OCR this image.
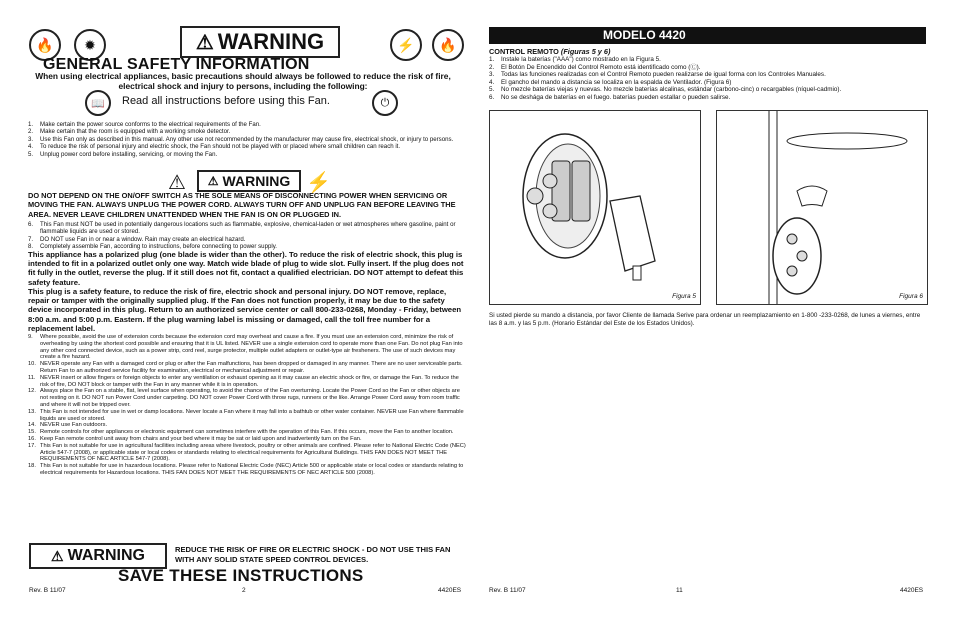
🔥	✹	⚡	🔥
⚠ WARNING
GENERAL SAFETY INFORMATION
When using electrical appliances, basic precautions should always be followed to reduce the risk of fire, electrical shock and injury to persons, including the following:
📖	Read all instructions before using this Fan.	⏻
1. Make certain the power source conforms to the electrical requirements of the Fan.
2. Make certain that the room is equipped with a working smoke detector.
3. Use this Fan only as described in this manual. Any other use not recommended by the manufacturer may cause fire, electrical shock, or injury to persons.
4. To reduce the risk of personal injury and electric shock, the Fan should not be played with or placed where small children can reach it.
5. Unplug power cord before installing, servicing, or moving the Fan.
⚠ ⚠ WARNING ⚡
DO NOT DEPEND ON THE ON/OFF SWITCH AS THE SOLE MEANS OF DISCONNECTING POWER WHEN SERVICING OR MOVING THE FAN. ALWAYS UNPLUG THE POWER CORD. ALWAYS TURN OFF AND UNPLUG FAN BEFORE LEAVING THE AREA. NEVER LEAVE CHILDREN UNATTENDED WHEN THE FAN IS ON OR PLUGGED IN.
6. This Fan must NOT be used in potentially dangerous locations such as flammable, explosive, chemical-laden or wet atmospheres where gasoline, paint or flammable liquids are used or stored.
7. DO NOT use Fan in or near a window. Rain may create an electrical hazard.
8. Completely assemble Fan, according to instructions, before connecting to power supply.
This appliance has a polarized plug (one blade is wider than the other). To reduce the risk of electric shock, this plug is intended to fit in a polarized outlet only one way. Match wide blade of plug to wide slot. Fully insert. If the plug does not fit fully in the outlet, reverse the plug. If it still does not fit, contact a qualified electrician. DO NOT attempt to defeat this safety feature.
This plug is a safety feature, to reduce the risk of fire, electric shock and personal injury. DO NOT remove, replace, repair or tamper with the originally supplied plug. If the Fan does not function properly, it may be due to the safety device incorporated in this plug. Return to an authorized service center or call 800-233-0268, Monday - Friday, between 8:00 a.m. and 5:00 p.m. Eastern. If the plug warning label is missing or damaged, call the toll free number for a replacement label.
9. Where possible, avoid the use of extension cords because the extension cord may overheat and cause a fire. If you must use an extension cord, minimize the risk of overheating by using the shortest cord possible and ensuring that it is UL listed. NEVER use a single extension cord to operate more than one Fan. Do not plug Fan into any other cord connected device, such as a power strip, cord reel, surge protector, multiple outlet adapters or outlet-type air fresheners. The use of such devices may create a fire hazard.
10. NEVER operate any Fan with a damaged cord or plug or after the Fan malfunctions, has been dropped or damaged in any manner. There are no user serviceable parts. Return Fan to an authorized service facility for examination, electrical or mechanical adjustment or repair.
11. NEVER insert or allow fingers or foreign objects to enter any ventilation or exhaust opening as it may cause an electric shock or fire, or damage the Fan. To reduce the risk of fire, DO NOT block or tamper with the Fan in any manner while it is in operation.
12. Always place the Fan on a stable, flat, level surface when operating, to avoid the chance of the Fan overturning. Locate the Power Cord so the Fan or other objects are not resting on it. DO NOT run Power Cord under carpeting. DO NOT cover Power Cord with throw rugs, runners or the like. Arrange Power Cord away from room traffic and where it will not be tripped over.
13. This Fan is not intended for use in wet or damp locations. Never locate a Fan where it may fall into a bathtub or other water container. NEVER use Fan where flammable liquids are used or stored.
14. NEVER use Fan outdoors.
15. Remote controls for other appliances or electronic equipment can sometimes interfere with the operation of this Fan. If this occurs, move the Fan to another location.
16. Keep Fan remote control unit away from chairs and your bed where it may be sat or laid upon and inadvertently turn on the Fan.
17. This Fan is not suitable for use in agricultural facilities including areas where livestock, poultry or other animals are confined. Please refer to National Electric Code (NEC) Article 547-7 (2008), or applicable state or local codes or standards relating to electrical requirements for Agricultural Buildings. THIS FAN DOES NOT MEET THE REQUIREMENTS OF NEC ARTICLE 547-7 (2008).
18. This Fan is not suitable for use in hazardous locations. Please refer to National Electric Code (NEC) Article 500 or applicable state or local codes or standards relating to electrical requirements for Hazardous locations. THIS FAN DOES NOT MEET THE REQUIREMENTS OF NEC ARTICLE 500 (2008).
⚠ WARNING	REDUCE THE RISK OF FIRE OR ELECTRIC SHOCK - DO NOT USE THIS FAN WITH ANY SOLID STATE SPEED CONTROL DEVICES.
SAVE THESE INSTRUCTIONS
Rev. B 11/07	2	4420ES
MODELO 4420
CONTROL REMOTO (Figuras 5 y 6)
1. Instale la baterías ("AAA") como mostrado en la Figura 5.
2. El Botón De Encendido del Control Remoto está identificado como (Ⓒ).
3. Todas las funciones realizadas con el Control Remoto pueden realizarse de igual forma con los Controles Manuales.
4. El gancho del mando a distancia se localiza en la espalda de Ventilador. (Figura 6)
5. No mezcle baterías viejas y nuevas. No mezcle baterías alcalinas, estándar (carbono-cinc) o recargables (níquel-cadmio).
6. No se deshága de baterías en el fuego. baterías pueden estallar o pueden salirse.
Figura 5	Figura 6
Si usted pierde su mando a distancia, por favor Cliente de llamada Serive para ordenar un reemplazamiento en 1-800 -233-0268, de lunes a viernes, entre las 8 a.m. y las 5 p.m. (Horario Estándar del Este de los Estados Unidos).
Rev. B 11/07	11	4420ES
